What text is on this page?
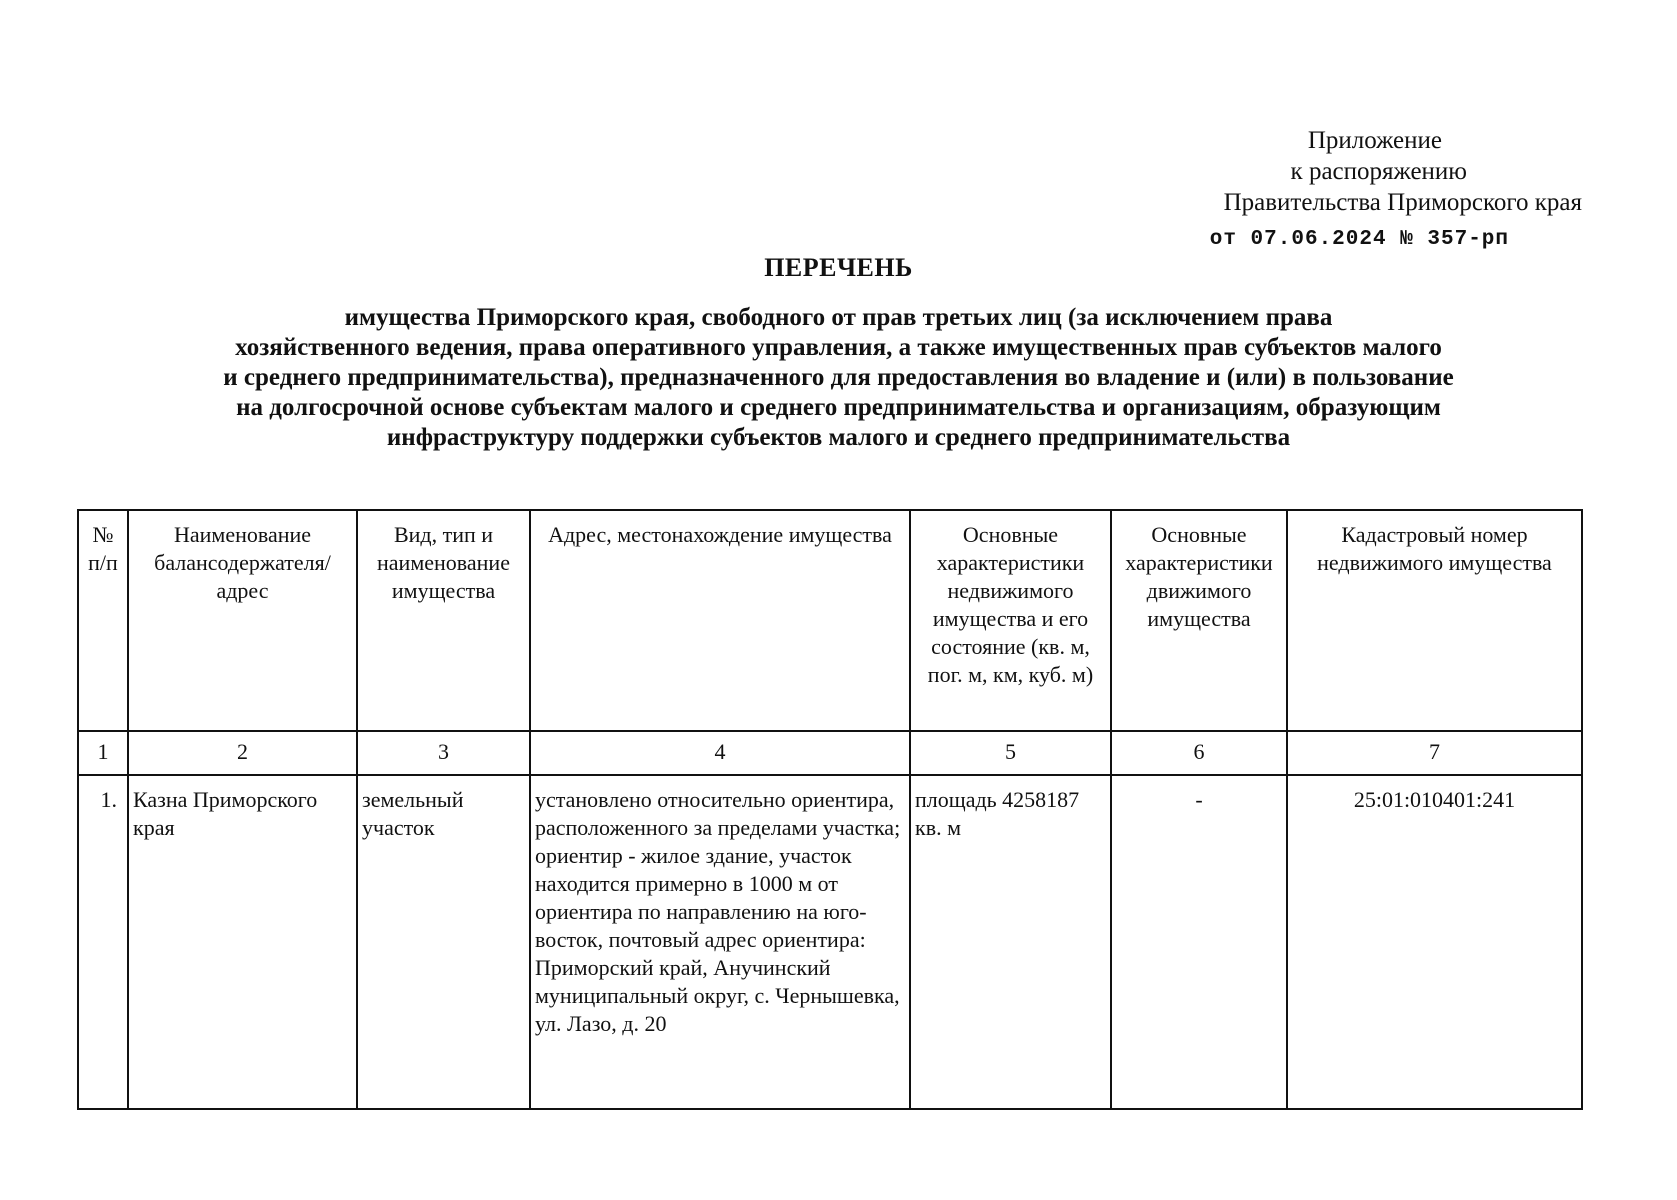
Приложение
к распоряжению
Правительства Приморского края
от 07.06.2024 № 357-рп
ПЕРЕЧЕНЬ
имущества Приморского края, свободного от прав третьих лиц (за исключением права
хозяйственного ведения, права оперативного управления, а также имущественных прав субъектов малого
и среднего предпринимательства), предназначенного для предоставления во владение и (или) в пользование
на долгосрочной основе субъектам малого и среднего предпринимательства и организациям, образующим
инфраструктуру поддержки субъектов малого и среднего предпринимательства
№ п/п	Наименование балансодержателя/ адрес	Вид, тип и наименование имущества	Адрес, местонахождение имущества	Основные характеристики недвижимого имущества и его состояние (кв. м, пог. м, км, куб. м)	Основные характеристики движимого имущества	Кадастровый номер недвижимого имущества
1	2	3	4	5	6	7
1.	Казна Приморского края	земельный участок	установлено относительно ориентира, расположенного за пределами участка; ориентир - жилое здание, участок находится примерно в 1000 м от ориентира по направлению на юго-восток, почтовый адрес ориентира: Приморский край, Анучинский муниципальный округ, с. Чернышевка, ул. Лазо, д. 20	площадь 4258187 кв. м	-	25:01:010401:241
